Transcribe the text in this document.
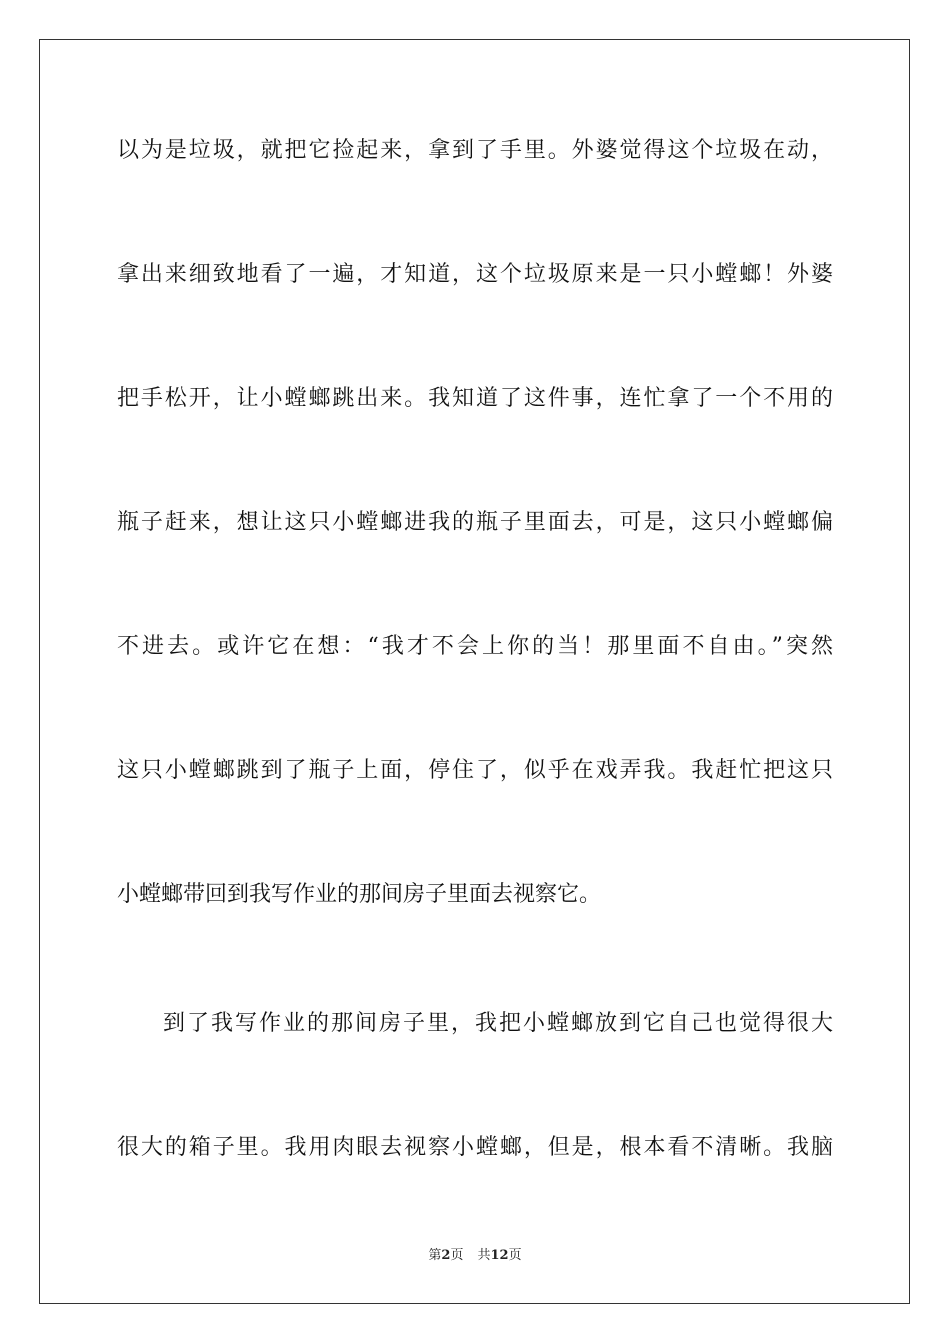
以为是垃圾，就把它捡起来，拿到了手里。外婆觉得这个垃圾在动，
拿出来细致地看了一遍，才知道，这个垃圾原来是一只小螳螂！外婆
把手松开，让小螳螂跳出来。我知道了这件事，连忙拿了一个不用的
瓶子赶来，想让这只小螳螂进我的瓶子里面去，可是，这只小螳螂偏
不进去。或许它在想：“我才不会上你的当！那里面不自由。”突然
这只小螳螂跳到了瓶子上面，停住了，似乎在戏弄我。我赶忙把这只
小螳螂带回到我写作业的那间房子里面去视察它。
到了我写作业的那间房子里，我把小螳螂放到它自己也觉得很大
很大的箱子里。我用肉眼去视察小螳螂，但是，根本看不清晰。我脑
第2页 共12页
